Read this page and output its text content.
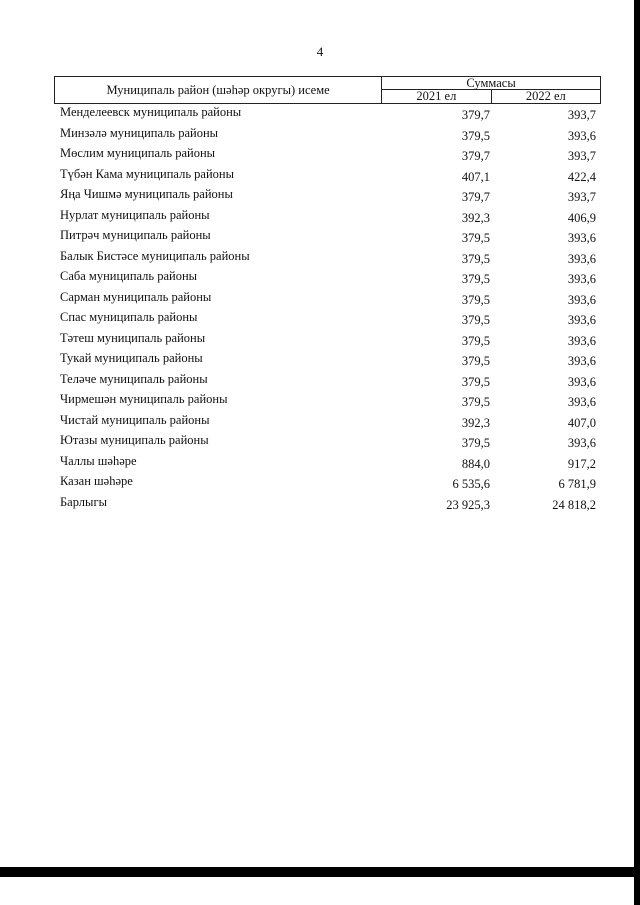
4
Муниципаль район (шәһәр округы) исеме	Суммасы	
	2021 ел	2022 ел
Менделеевск муниципаль районы	379,7	393,7
Минзәлә муниципаль районы	379,5	393,6
Мөслим муниципаль районы	379,7	393,7
Түбән Кама муниципаль районы	407,1	422,4
Яңа Чишмә муниципаль районы	379,7	393,7
Нурлат муниципаль районы	392,3	406,9
Питрәч муниципаль районы	379,5	393,6
Балык Бистәсе муниципаль районы	379,5	393,6
Саба муниципаль районы	379,5	393,6
Сарман муниципаль районы	379,5	393,6
Спас муниципаль районы	379,5	393,6
Тәтеш муниципаль районы	379,5	393,6
Тукай муниципаль районы	379,5	393,6
Теләче муниципаль районы	379,5	393,6
Чирмешән муниципаль районы	379,5	393,6
Чистай муниципаль районы	392,3	407,0
Ютазы муниципаль районы	379,5	393,6
Чаллы шәһәре	884,0	917,2
Казан шәһәре	6 535,6	6 781,9
Барлыгы	23 925,3	24 818,2
